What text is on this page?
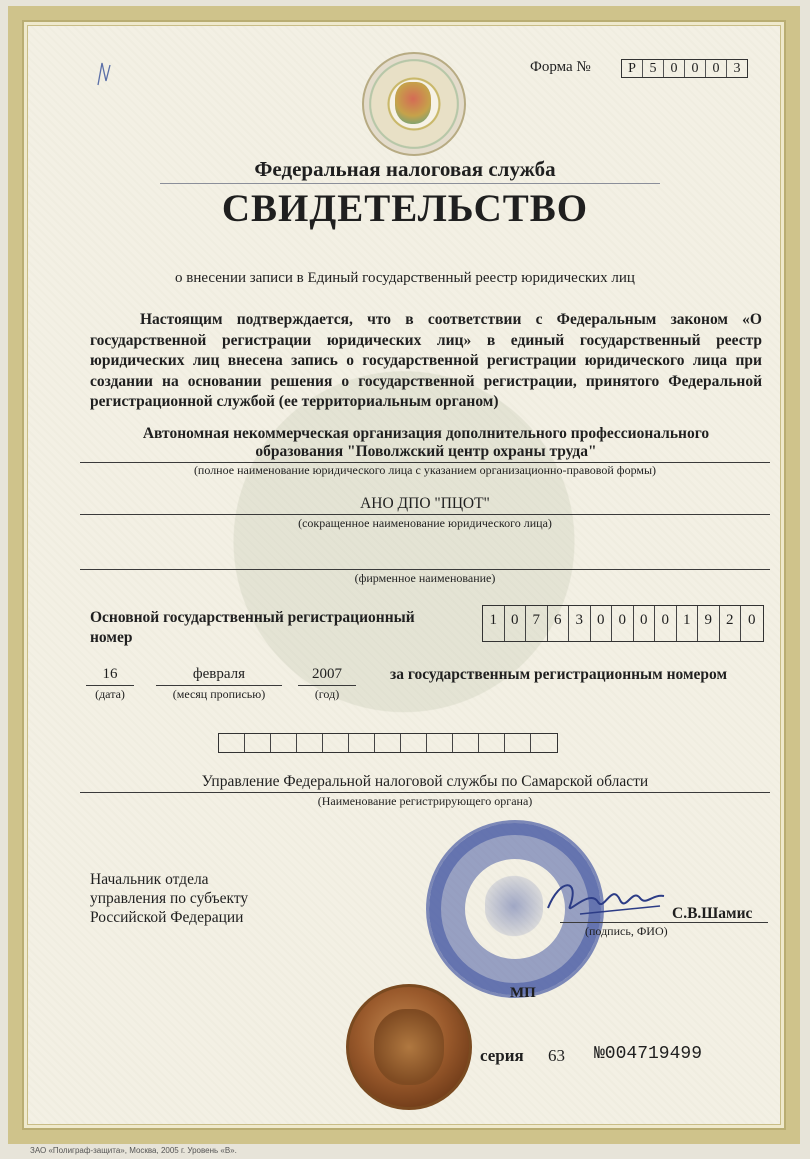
Форма №	Р 5	0	0	0	3
Федеральная налоговая служба
СВИДЕТЕЛЬСТВО
о внесении записи в Единый государственный реестр юридических лиц
Настоящим подтверждается, что в соответствии с Федеральным законом «О государственной регистрации юридических лиц» в единый государственный реестр юридических лиц внесена запись о государственной регистрации юридического лица при создании на основании решения о государственной регистрации, принятого Федеральной регистрационной службой (ее территориальным органом)
Автономная некоммерческая организация дополнительного профессионального
образования "Поволжский центр охраны труда"
(полное наименование юридического лица с указанием организационно-правовой формы)
АНО ДПО "ПЦОТ"
(сокращенное наименование юридического лица)
(фирменное наименование)
Основной государственный регистрационный
номер
1 0 7 6 3 0 0 0 0 1 9 2 0
16
(дата)
февраля
(месяц прописью)
2007
(год)
за государственным регистрационным номером
Управление Федеральной налоговой службы по Самарской области
(Наименование регистрирующего органа)
Начальник отдела
управления по субъекту
Российской Федерации	С.В.Шамис
(подпись, ФИО)
МП
серия 63 №004719499
ЗАО «Полиграф-защита», Москва, 2005 г. Уровень «В».
